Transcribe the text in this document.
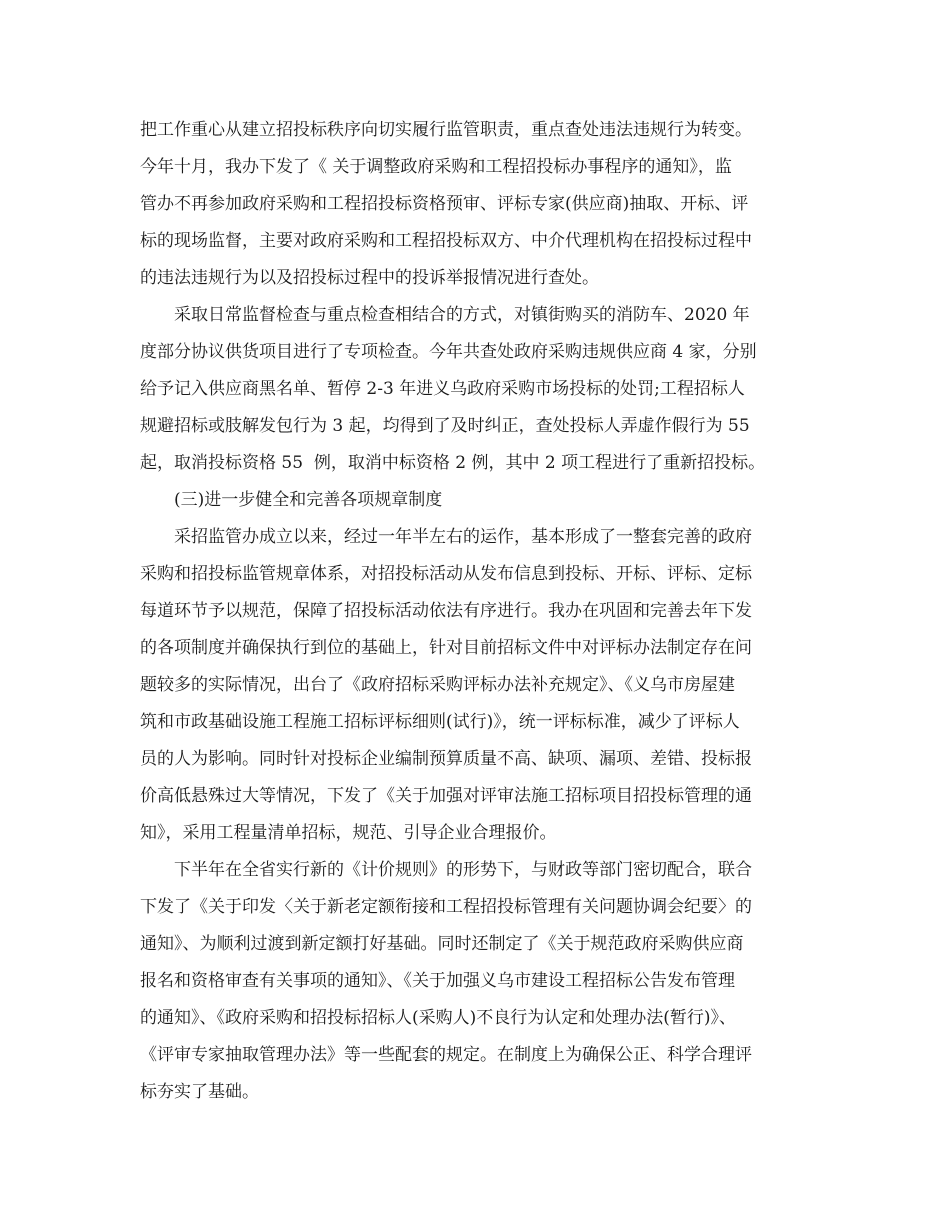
把工作重心从建立招投标秩序向切实履行监管职责，重点查处违法违规行为转变。
今年十月，我办下发了《 关于调整政府采购和工程招投标办事程序的通知》，监
管办不再参加政府采购和工程招投标资格预审、评标专家(供应商)抽取、开标、评
标的现场监督，主要对政府采购和工程招投标双方、中介代理机构在招投标过程中
的违法违规行为以及招投标过程中的投诉举报情况进行查处。
采取日常监督检查与重点检查相结合的方式，对镇街购买的消防车、2020 年
度部分协议供货项目进行了专项检查。今年共查处政府采购违规供应商 4 家，分别
给予记入供应商黑名单、暂停 2-3 年进义乌政府采购市场投标的处罚;工程招标人
规避招标或肢解发包行为 3 起，均得到了及时纠正，查处投标人弄虚作假行为 55
起，取消投标资格 55  例，取消中标资格 2 例，其中 2 项工程进行了重新招投标。
(三)进一步健全和完善各项规章制度
采招监管办成立以来，经过一年半左右的运作，基本形成了一整套完善的政府
采购和招投标监管规章体系，对招投标活动从发布信息到投标、开标、评标、定标
每道环节予以规范，保障了招投标活动依法有序进行。我办在巩固和完善去年下发
的各项制度并确保执行到位的基础上，针对目前招标文件中对评标办法制定存在问
题较多的实际情况，出台了《政府招标采购评标办法补充规定》、《义乌市房屋建
筑和市政基础设施工程施工招标评标细则(试行)》，统一评标标准，减少了评标人
员的人为影响。同时针对投标企业编制预算质量不高、缺项、漏项、差错、投标报
价高低悬殊过大等情况，下发了《关于加强对评审法施工招标项目招投标管理的通
知》，采用工程量清单招标，规范、引导企业合理报价。
下半年在全省实行新的《计价规则》的形势下，与财政等部门密切配合，联合
下发了《关于印发〈关于新老定额衔接和工程招投标管理有关问题协调会纪要〉的
通知》、为顺利过渡到新定额打好基础。同时还制定了《关于规范政府采购供应商
报名和资格审查有关事项的通知》、《关于加强义乌市建设工程招标公告发布管理
的通知》、《政府采购和招投标招标人(采购人)不良行为认定和处理办法(暂行)》、
《评审专家抽取管理办法》等一些配套的规定。在制度上为确保公正、科学合理评
标夯实了基础。
